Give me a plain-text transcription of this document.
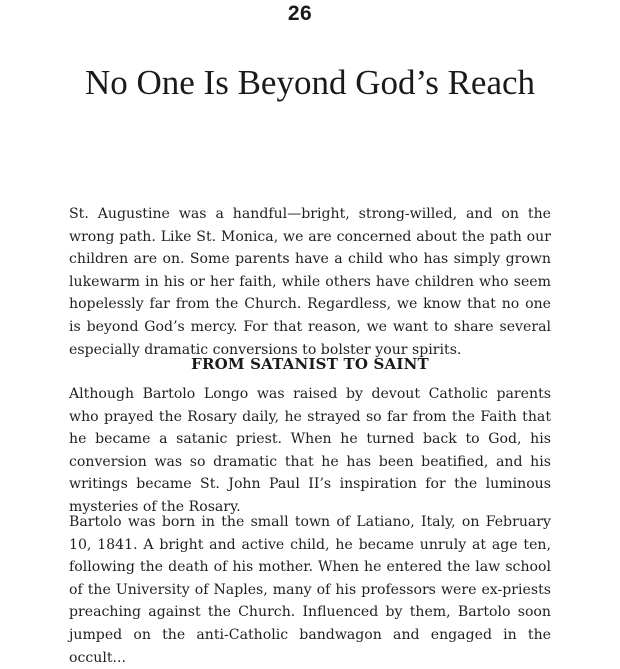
26
No One Is Beyond God’s Reach

St. Augustine was a handful—bright, strong-willed, and on the wrong path. Like St. Monica, we are concerned about the path our children are on. Some parents have a child who has simply grown lukewarm in his or her faith, while others have children who seem hopelessly far from the Church. Regardless, we know that no one is beyond God’s mercy. For that reason, we want to share several especially dramatic conversions to bolster your spirits.

FROM SATANIST TO SAINT

Although Bartolo Longo was raised by devout Catholic parents who prayed the Rosary daily, he strayed so far from the Faith that he became a satanic priest. When he turned back to God, his conversion was so dramatic that he has been beatified, and his writings became St. John Paul II’s inspiration for the luminous mysteries of the Rosary.

Bartolo was born in the small town of Latiano, Italy, on February 10, 1841. A bright and active child, he became unruly at age ten, following the death of his mother. When he entered the law school of the University of Naples, many of his professors were ex-priests preaching against the Church. Influenced by them, Bartolo soon jumped on the anti-Catholic bandwagon and engaged in the occult...
